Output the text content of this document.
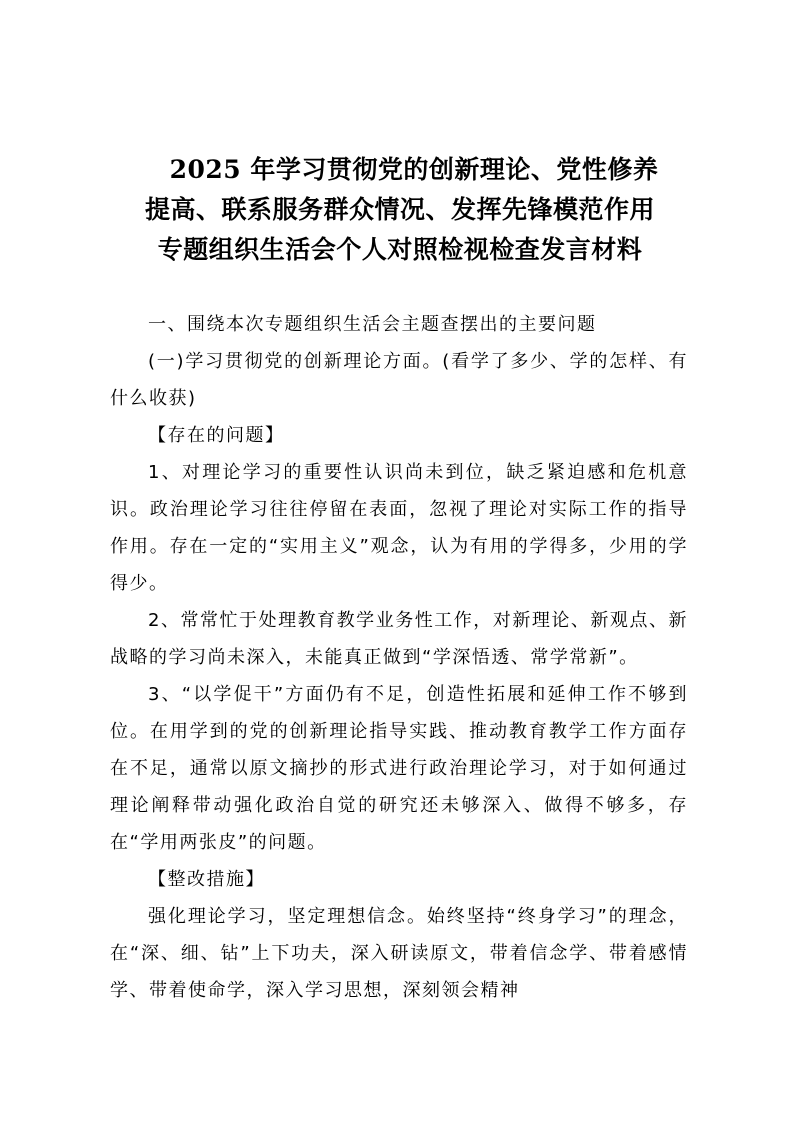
2025 年学习贯彻党的创新理论、党性修养
提高、联系服务群众情况、发挥先锋模范作用
专题组织生活会个人对照检视检查发言材料

一、围绕本次专题组织生活会主题查摆出的主要问题

(一)学习贯彻党的创新理论方面。(看学了多少、学的怎样、有什么收获)

【存在的问题】

1、对理论学习的重要性认识尚未到位，缺乏紧迫感和危机意识。政治理论学习往往停留在表面，忽视了理论对实际工作的指导作用。存在一定的“实用主义”观念，认为有用的学得多，少用的学得少。

2、常常忙于处理教育教学业务性工作，对新理论、新观点、新战略的学习尚未深入，未能真正做到“学深悟透、常学常新”。

3、“以学促干”方面仍有不足，创造性拓展和延伸工作不够到位。在用学到的党的创新理论指导实践、推动教育教学工作方面存在不足，通常以原文摘抄的形式进行政治理论学习，对于如何通过理论阐释带动强化政治自觉的研究还未够深入、做得不够多，存在“学用两张皮”的问题。

【整改措施】

强化理论学习，坚定理想信念。始终坚持“终身学习”的理念，在“深、细、钻”上下功夫，深入研读原文，带着信念学、带着感情学、带着使命学，深入学习思想，深刻领会精神
